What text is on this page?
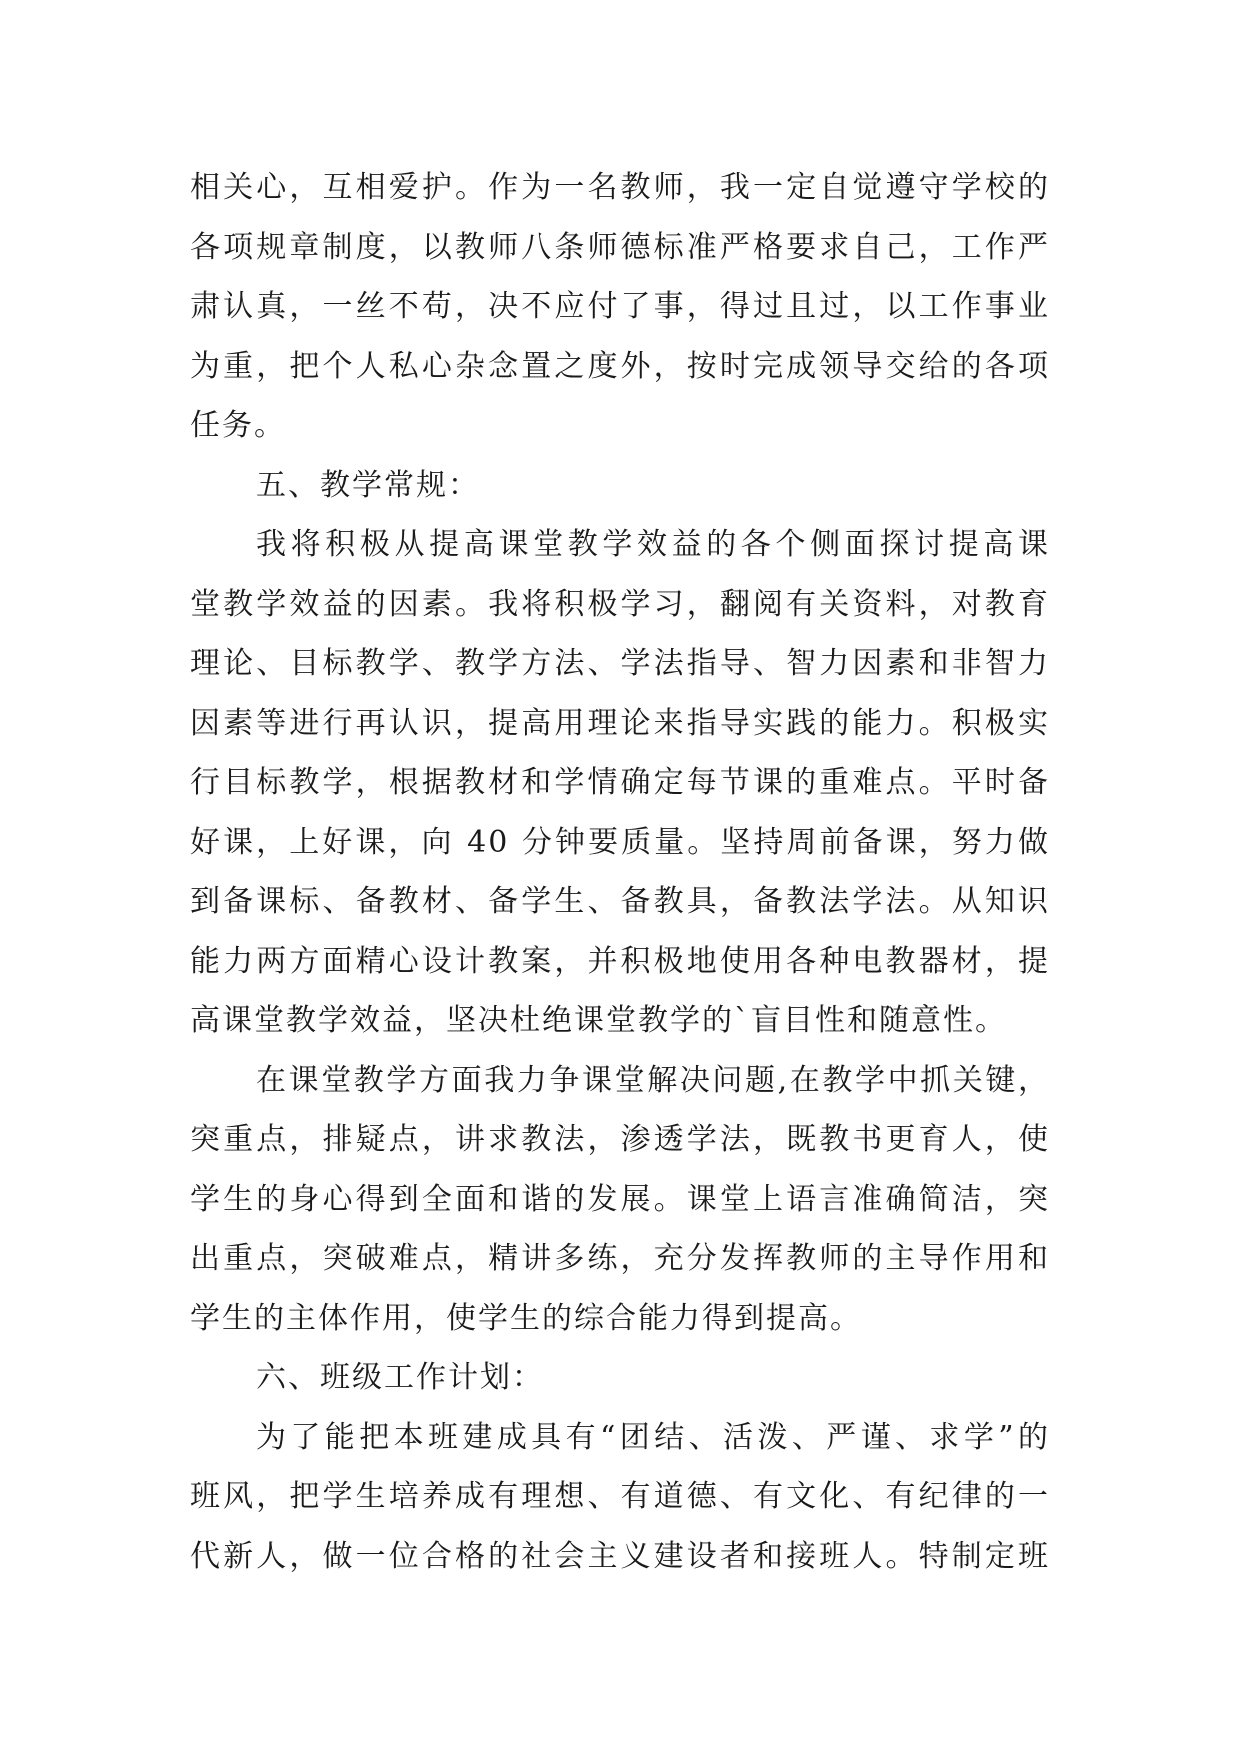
相关心，互相爱护。作为一名教师，我一定自觉遵守学校的
各项规章制度，以教师八条师德标准严格要求自己，工作严
肃认真，一丝不苟，决不应付了事，得过且过，以工作事业
为重，把个人私心杂念置之度外，按时完成领导交给的各项
任务。
五、教学常规：
我将积极从提高课堂教学效益的各个侧面探讨提高课
堂教学效益的因素。我将积极学习，翻阅有关资料，对教育
理论、目标教学、教学方法、学法指导、智力因素和非智力
因素等进行再认识，提高用理论来指导实践的能力。积极实
行目标教学，根据教材和学情确定每节课的重难点。平时备
好课，上好课，向 40 分钟要质量。坚持周前备课，努力做
到备课标、备教材、备学生、备教具，备教法学法。从知识
能力两方面精心设计教案，并积极地使用各种电教器材，提
高课堂教学效益，坚决杜绝课堂教学的`盲目性和随意性。
在课堂教学方面我力争课堂解决问题,在教学中抓关键，
突重点，排疑点，讲求教法，渗透学法，既教书更育人，使
学生的身心得到全面和谐的发展。课堂上语言准确简洁，突
出重点，突破难点，精讲多练，充分发挥教师的主导作用和
学生的主体作用，使学生的综合能力得到提高。
六、班级工作计划：
为了能把本班建成具有“团结、活泼、严谨、求学”的
班风，把学生培养成有理想、有道德、有文化、有纪律的一
代新人，做一位合格的社会主义建设者和接班人。特制定班
